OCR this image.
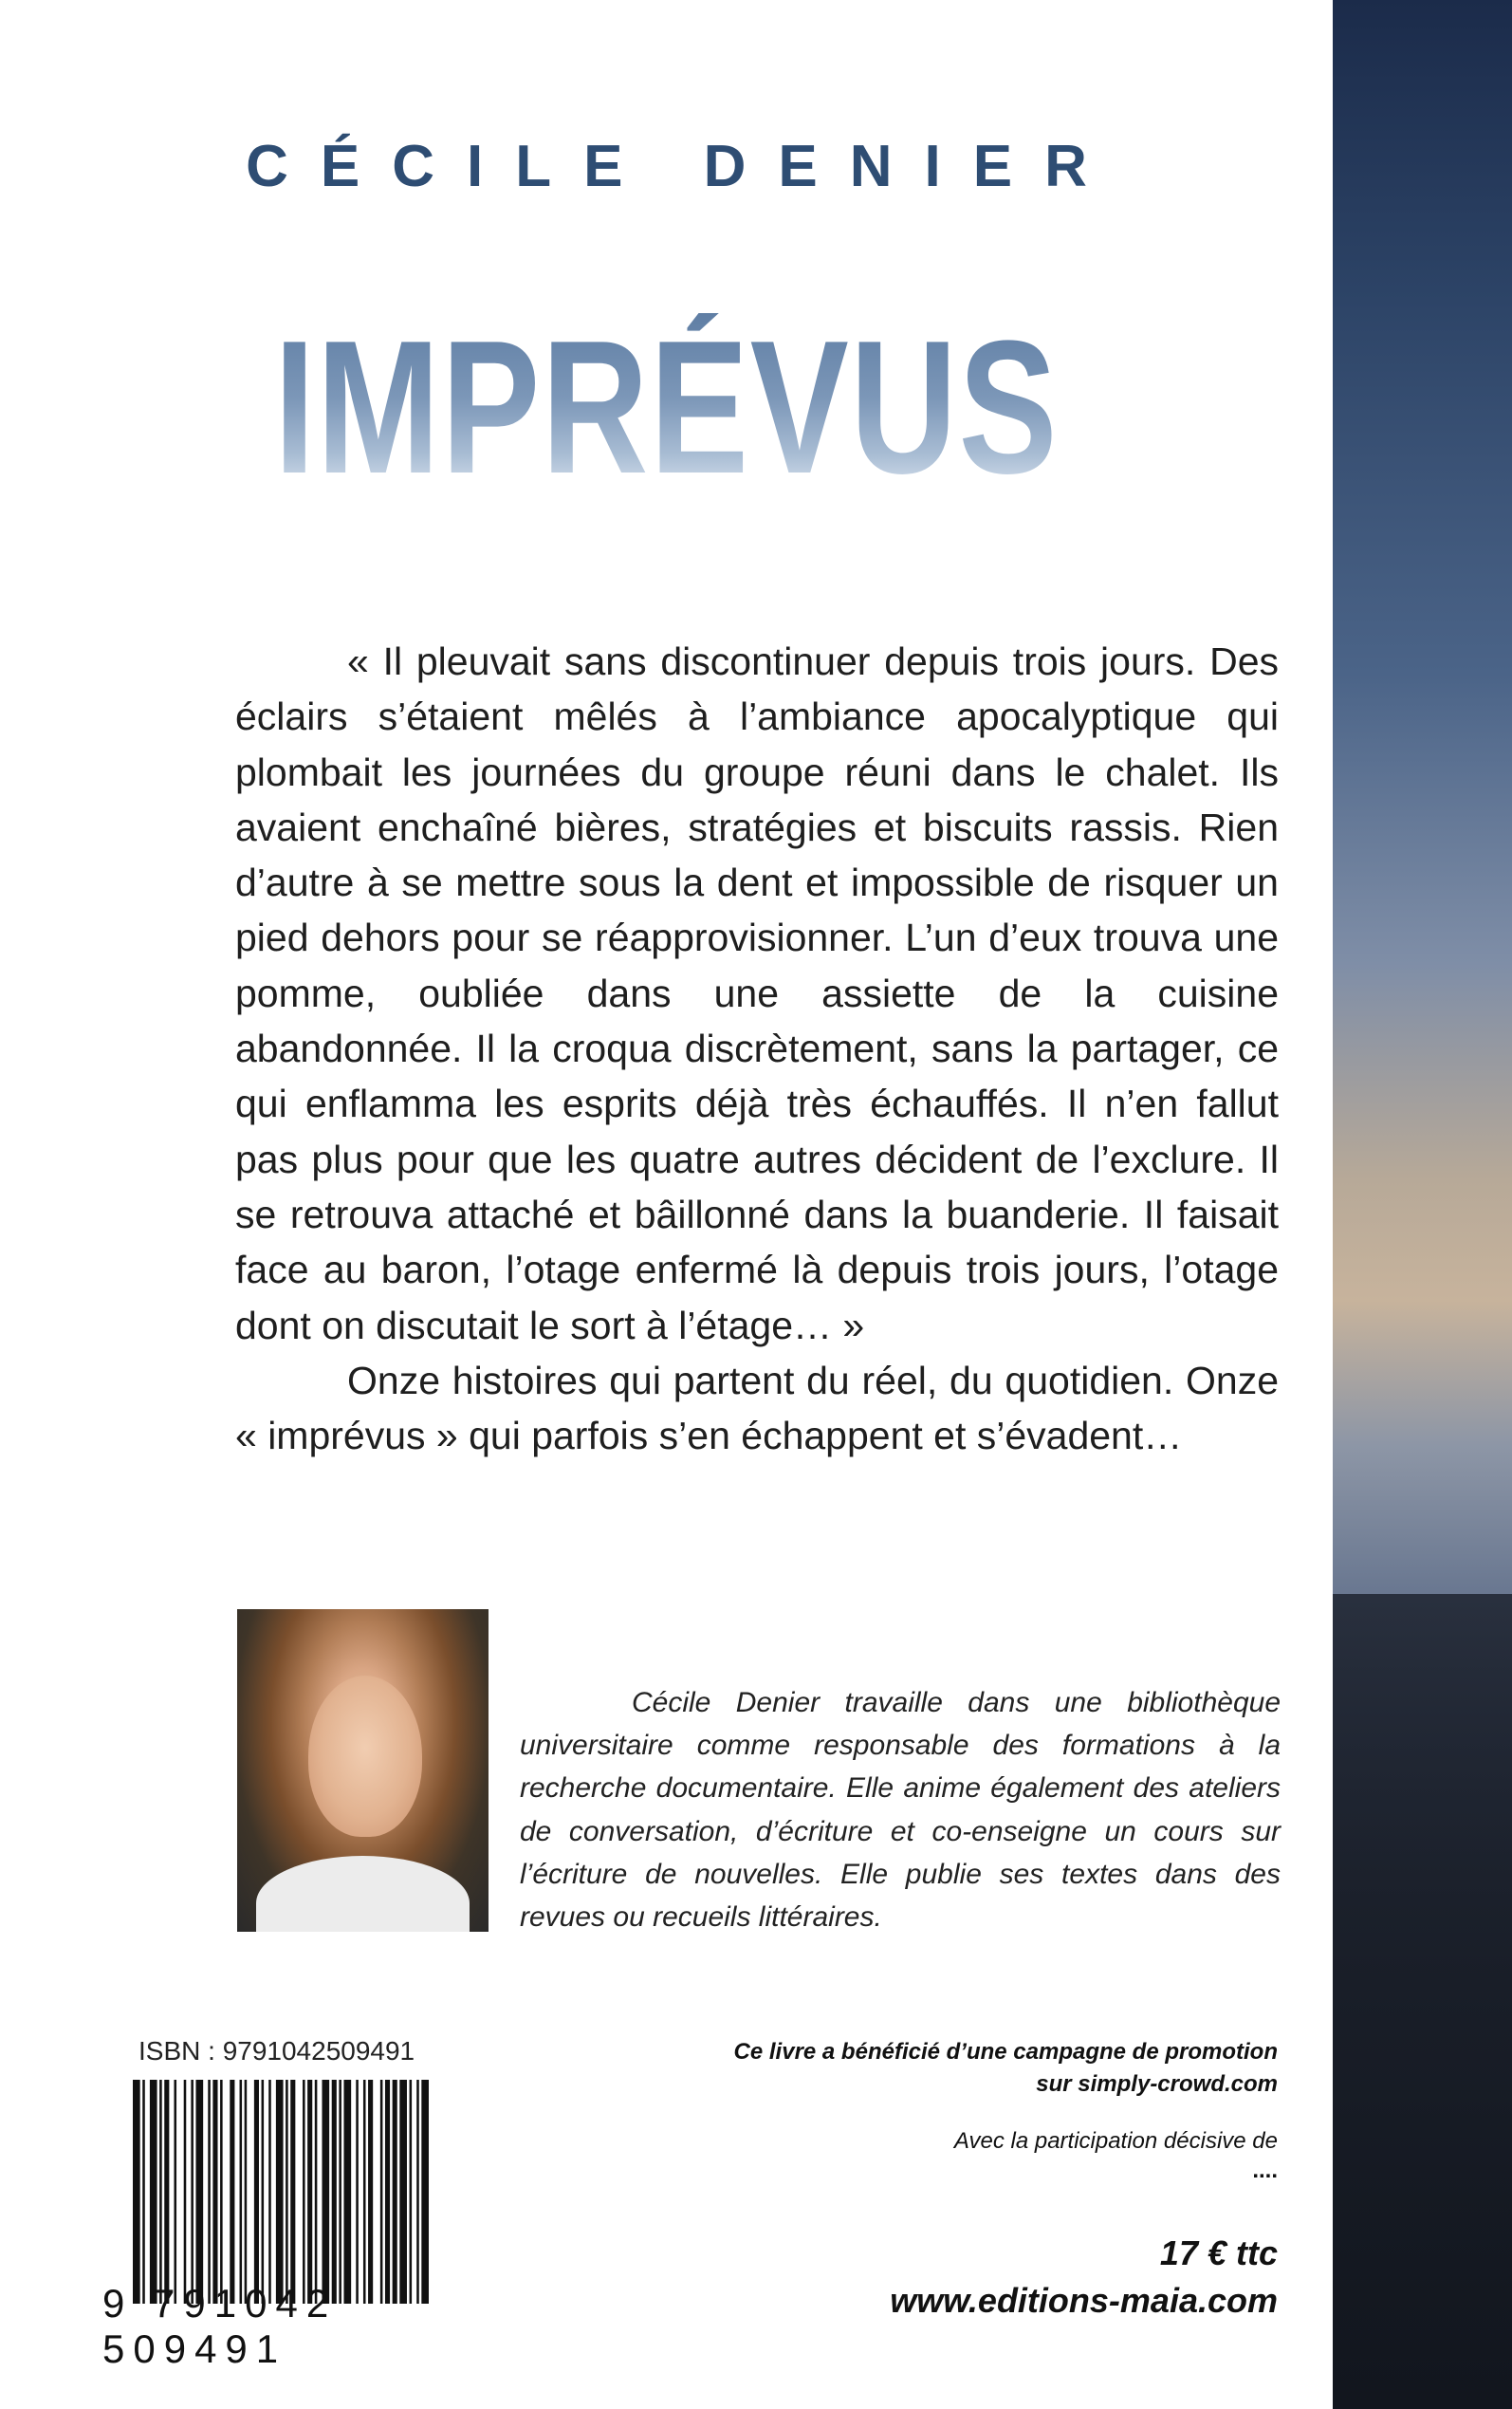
CÉCILE DENIER
IMPRÉVUS

« Il pleuvait sans discontinuer depuis trois jours. Des éclairs s’étaient mêlés à l’ambiance apocalyptique qui plombait les journées du groupe réuni dans le chalet. Ils avaient enchaîné bières, stratégies et biscuits rassis. Rien d’autre à se mettre sous la dent et impossible de risquer un pied dehors pour se réapprovisionner. L’un d’eux trouva une pomme, oubliée dans une assiette de la cuisine abandonnée. Il la croqua discrètement, sans la partager, ce qui enflamma les esprits déjà très échauffés. Il n’en fallut pas plus pour que les quatre autres décident de l’exclure. Il se retrouva attaché et bâillonné dans la buanderie. Il faisait face au baron, l’otage enfermé là depuis trois jours, l’otage dont on discutait le sort à l’étage… »

Onze histoires qui partent du réel, du quotidien. Onze « imprévus » qui parfois s’en échappent et s’évadent…

Cécile Denier travaille dans une bibliothèque universitaire comme responsable des formations à la recherche documentaire. Elle anime également des ateliers de conversation, d’écriture et co-enseigne un cours sur l’écriture de nouvelles. Elle publie ses textes dans des revues ou recueils littéraires.

ISBN : 9791042509491
9 791042 509491
Ce livre a bénéficié d’une campagne de promotion
sur simply-crowd.com
Avec la participation décisive de
....
17 € ttc
www.editions-maia.com
